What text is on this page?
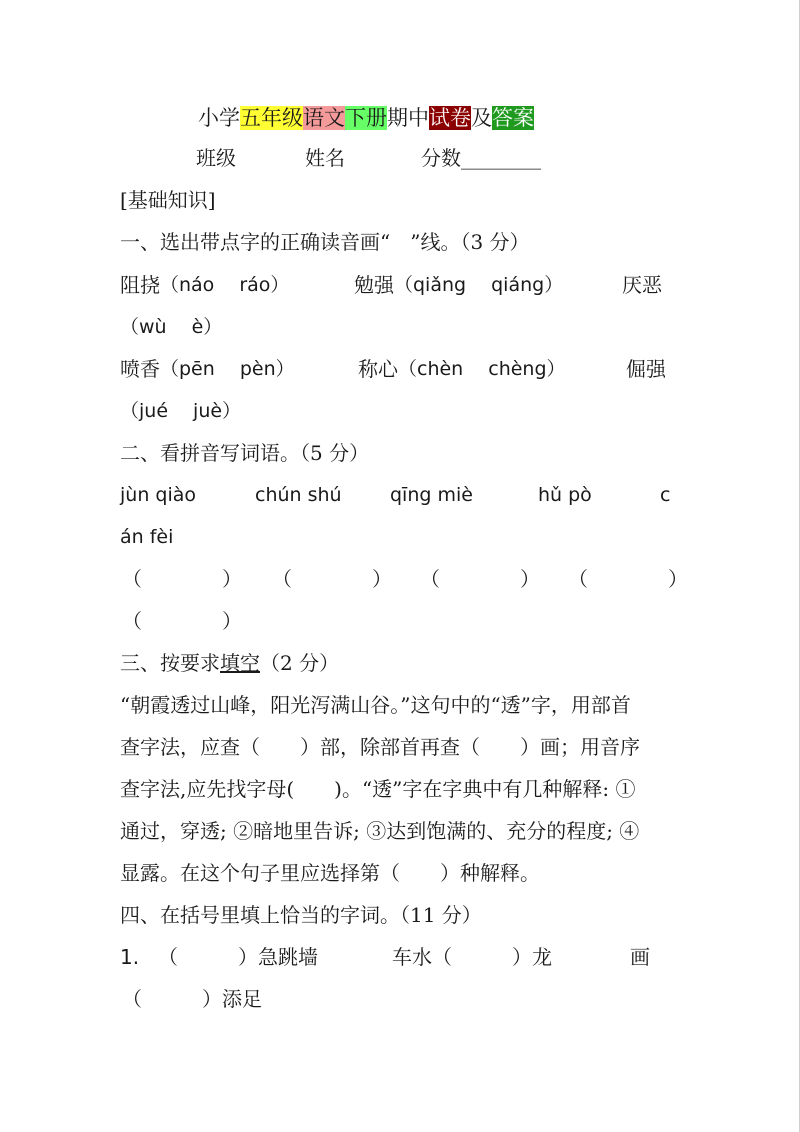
小学五年级语文下册期中试卷及答案
班级	姓名	分数________
[基础知识]
一、选出带点字的正确读音画“　”线。（3 分）
阻挠 （náo　 ráo）	勉强 （qiǎng　 qiáng）	厌恶
（wù　 è）
喷香 （pēn　 pèn）	称心 （chèn　 chèng）	倔强
（jué　 juè）
二、看拼音写词语。（5 分）
jùn qiào	chún shú	qīng miè	hǔ pò	c
án fèi
（　　　　） （　　　　） （　　　　） （　　　　）
（　　　　）
三、按要求填空（2 分）
“朝霞透过山峰，阳光泻满山谷。”这句中的“透”字，用部首
查字法，应查（　　）部，除部首再查（　　）画；用音序
查字法,应先找字母(　　)。“透”字在字典中有几种解释: ①
通过，穿透; ②暗地里告诉; ③达到饱满的、充分的程度; ④
显露。在这个句子里应选择第（　　）种解释。
四、在括号里填上恰当的字词。（11 分）
1. （　　　）急跳墙	车水（　　　）龙	画
（　　　）添足
